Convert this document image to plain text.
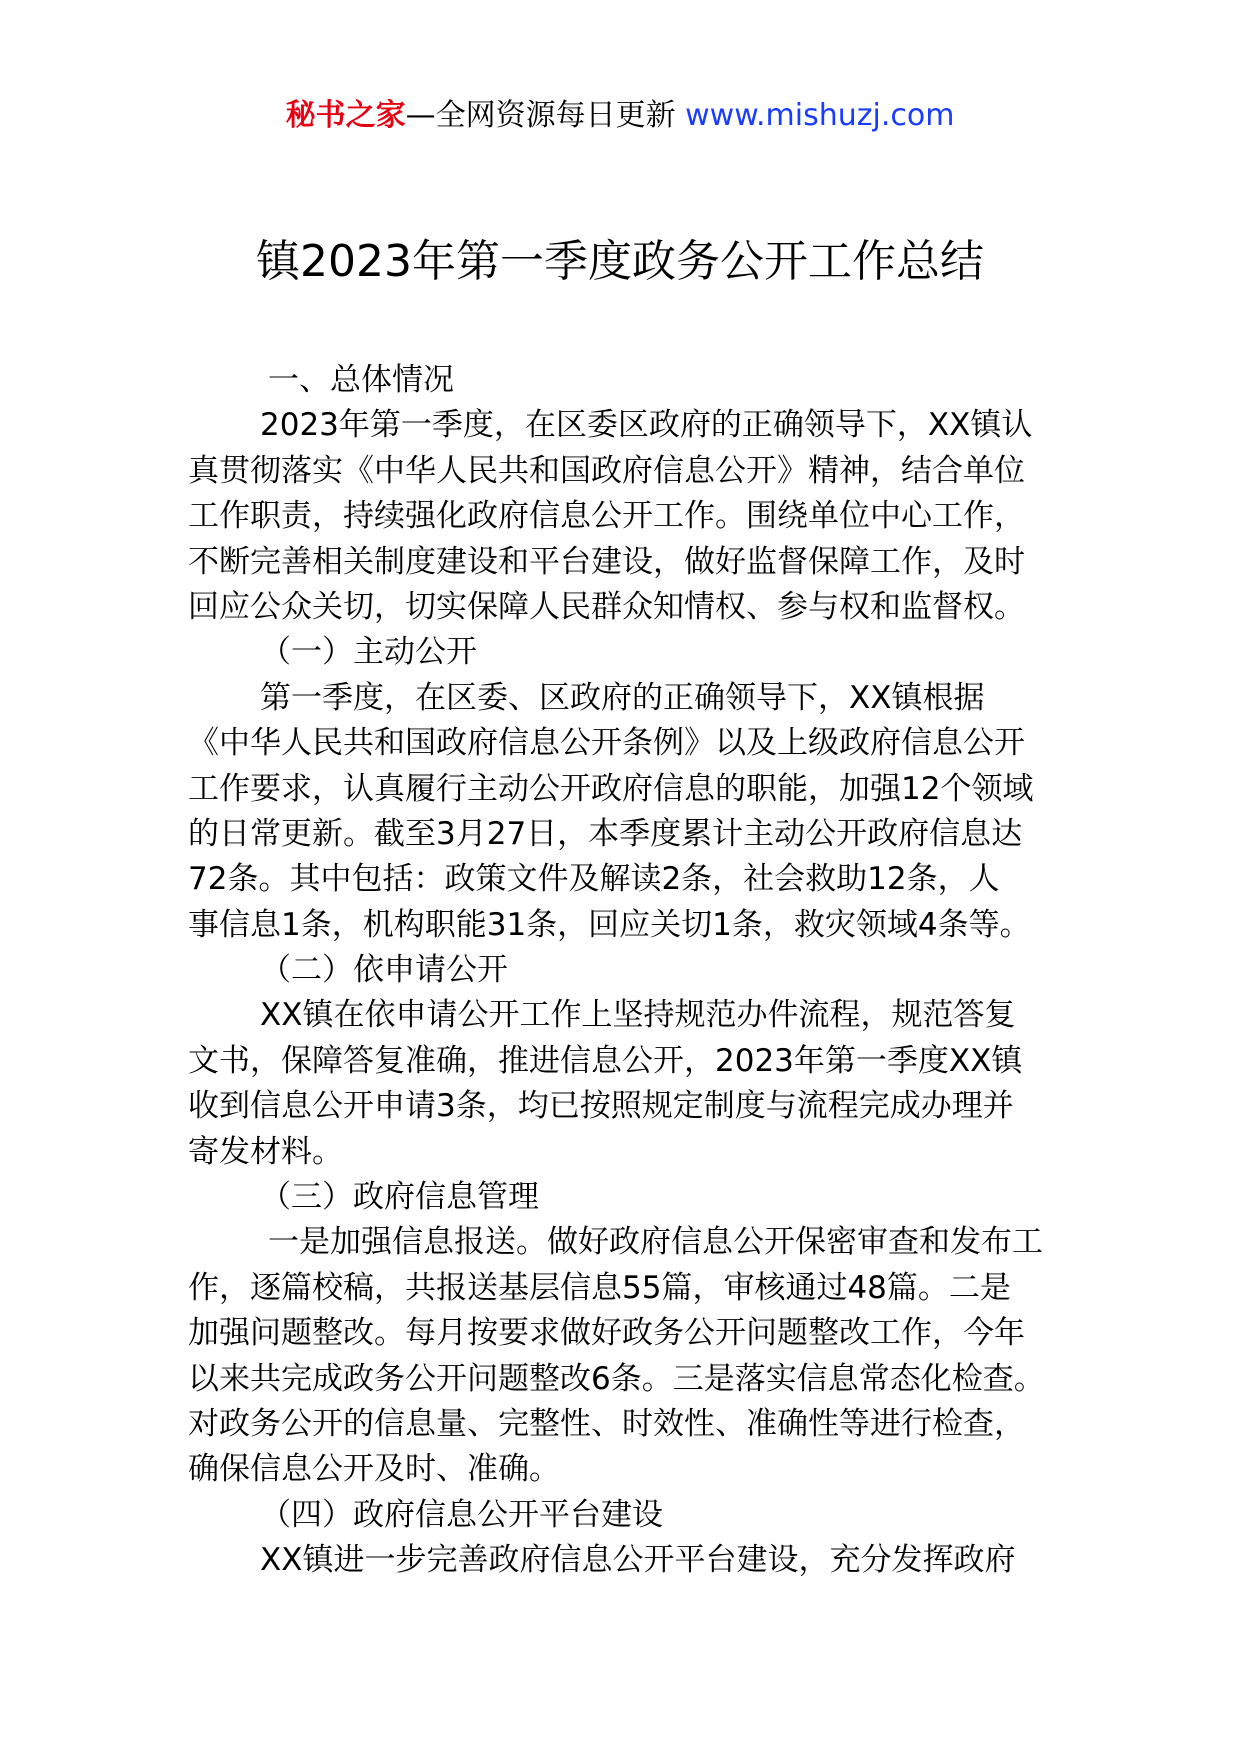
秘书之家—全网资源每日更新 www.mishuzj.com
镇2023年第一季度政务公开工作总结
一、总体情况
2023年第一季度，在区委区政府的正确领导下，XX镇认
真贯彻落实《中华人民共和国政府信息公开》精神，结合单位
工作职责，持续强化政府信息公开工作。围绕单位中心工作，
不断完善相关制度建设和平台建设，做好监督保障工作，及时
回应公众关切，切实保障人民群众知情权、参与权和监督权。
（一）主动公开
第一季度，在区委、区政府的正确领导下，XX镇根据
《中华人民共和国政府信息公开条例》以及上级政府信息公开
工作要求，认真履行主动公开政府信息的职能，加强12个领域
的日常更新。截至3月27日，本季度累计主动公开政府信息达
72条。其中包括：政策文件及解读2条，社会救助12条，人
事信息1条，机构职能31条，回应关切1条，救灾领域4条等。
（二）依申请公开
XX镇在依申请公开工作上坚持规范办件流程，规范答复
文书，保障答复准确，推进信息公开，2023年第一季度XX镇
收到信息公开申请3条，均已按照规定制度与流程完成办理并
寄发材料。
（三）政府信息管理
一是加强信息报送。做好政府信息公开保密审查和发布工
作，逐篇校稿，共报送基层信息55篇，审核通过48篇。二是
加强问题整改。每月按要求做好政务公开问题整改工作，今年
以来共完成政务公开问题整改6条。三是落实信息常态化检查。
对政务公开的信息量、完整性、时效性、准确性等进行检查，
确保信息公开及时、准确。
（四）政府信息公开平台建设
XX镇进一步完善政府信息公开平台建设，充分发挥政府
